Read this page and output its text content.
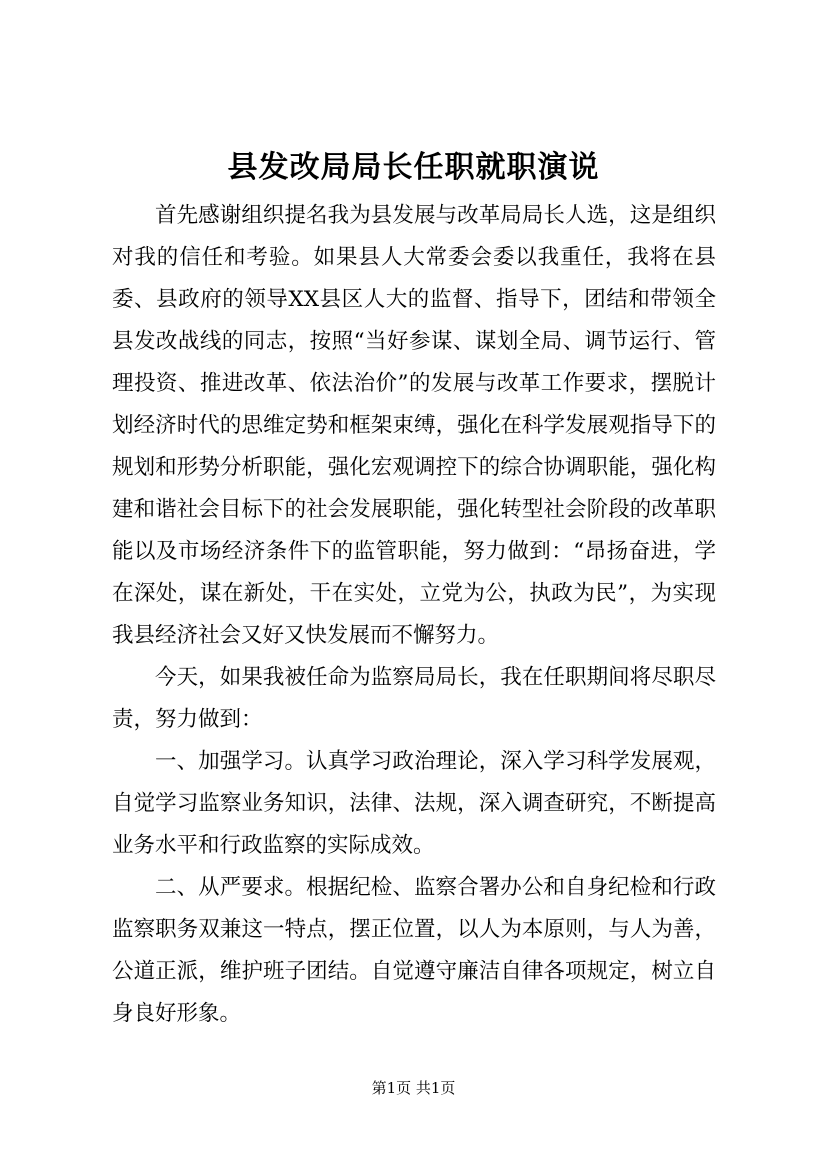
县发改局局长任职就职演说

首先感谢组织提名我为县发展与改革局局长人选，这是组织对我的信任和考验。如果县人大常委会委以我重任，我将在县委、县政府的领导XX县区人大的监督、指导下，团结和带领全县发改战线的同志，按照“当好参谋、谋划全局、调节运行、管理投资、推进改革、依法治价”的发展与改革工作要求，摆脱计划经济时代的思维定势和框架束缚，强化在科学发展观指导下的规划和形势分析职能，强化宏观调控下的综合协调职能，强化构建和谐社会目标下的社会发展职能，强化转型社会阶段的改革职能以及市场经济条件下的监管职能，努力做到：“昂扬奋进，学在深处，谋在新处，干在实处，立党为公，执政为民”，为实现我县经济社会又好又快发展而不懈努力。

今天，如果我被任命为监察局局长，我在任职期间将尽职尽责，努力做到：

一、加强学习。认真学习政治理论，深入学习科学发展观，自觉学习监察业务知识，法律、法规，深入调查研究，不断提高业务水平和行政监察的实际成效。

二、从严要求。根据纪检、监察合署办公和自身纪检和行政监察职务双兼这一特点，摆正位置，以人为本原则，与人为善，公道正派，维护班子团结。自觉遵守廉洁自律各项规定，树立自身良好形象。

第1页 共1页
